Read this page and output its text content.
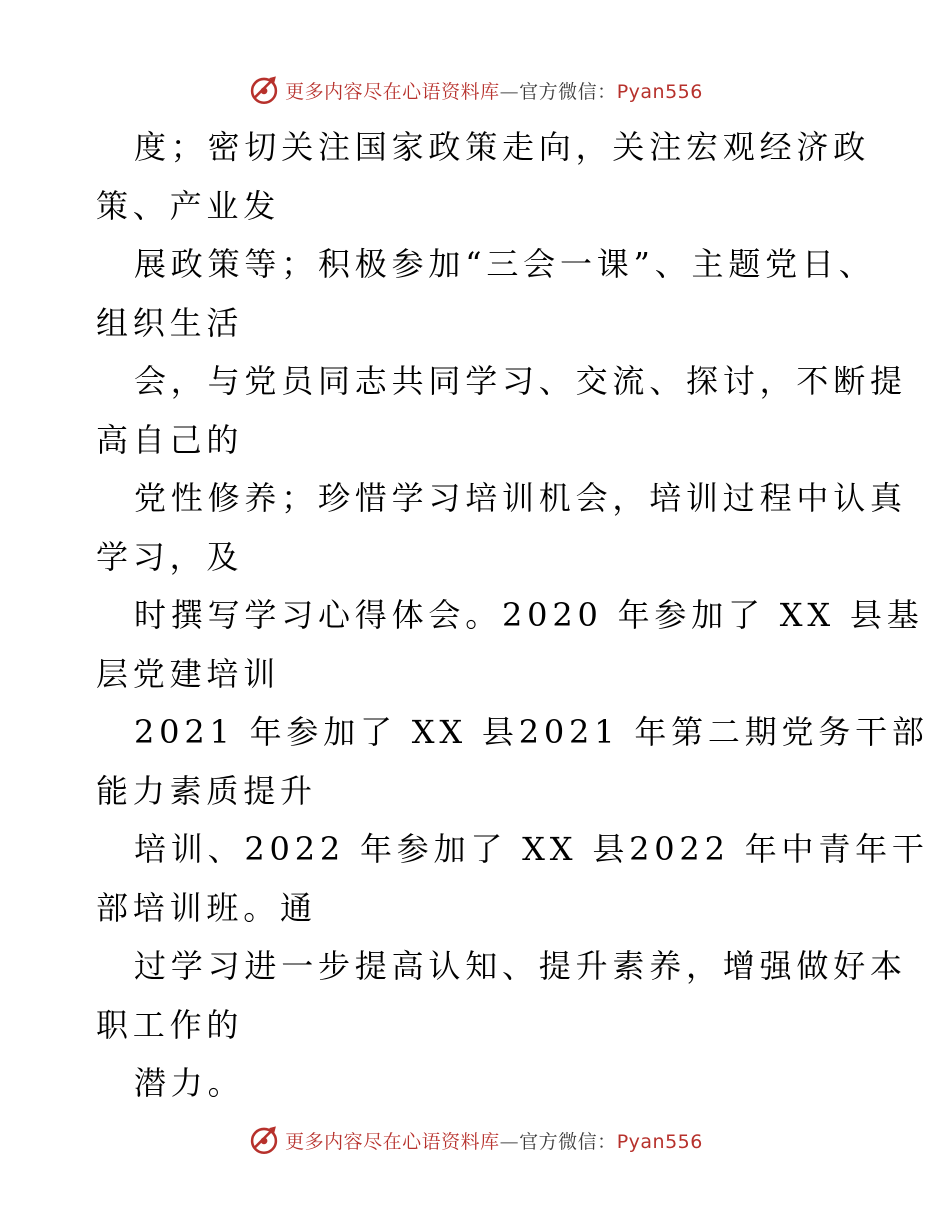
更多内容尽在心语资料库—官方微信：Pyan556
度；密切关注国家政策走向，关注宏观经济政
策、产业发
展政策等；积极参加“三会一课”、主题党日、
组织生活
会，与党员同志共同学习、交流、探讨，不断提
高自己的
党性修养；珍惜学习培训机会，培训过程中认真
学习，及
时撰写学习心得体会。2020 年参加了 XX 县基
层党建培训
2021 年参加了 XX 县2021 年第二期党务干部
能力素质提升
培训、2022 年参加了 XX 县2022 年中青年干
部培训班。通
过学习进一步提高认知、提升素养，增强做好本
职工作的
潜力。
更多内容尽在心语资料库—官方微信：Pyan556
